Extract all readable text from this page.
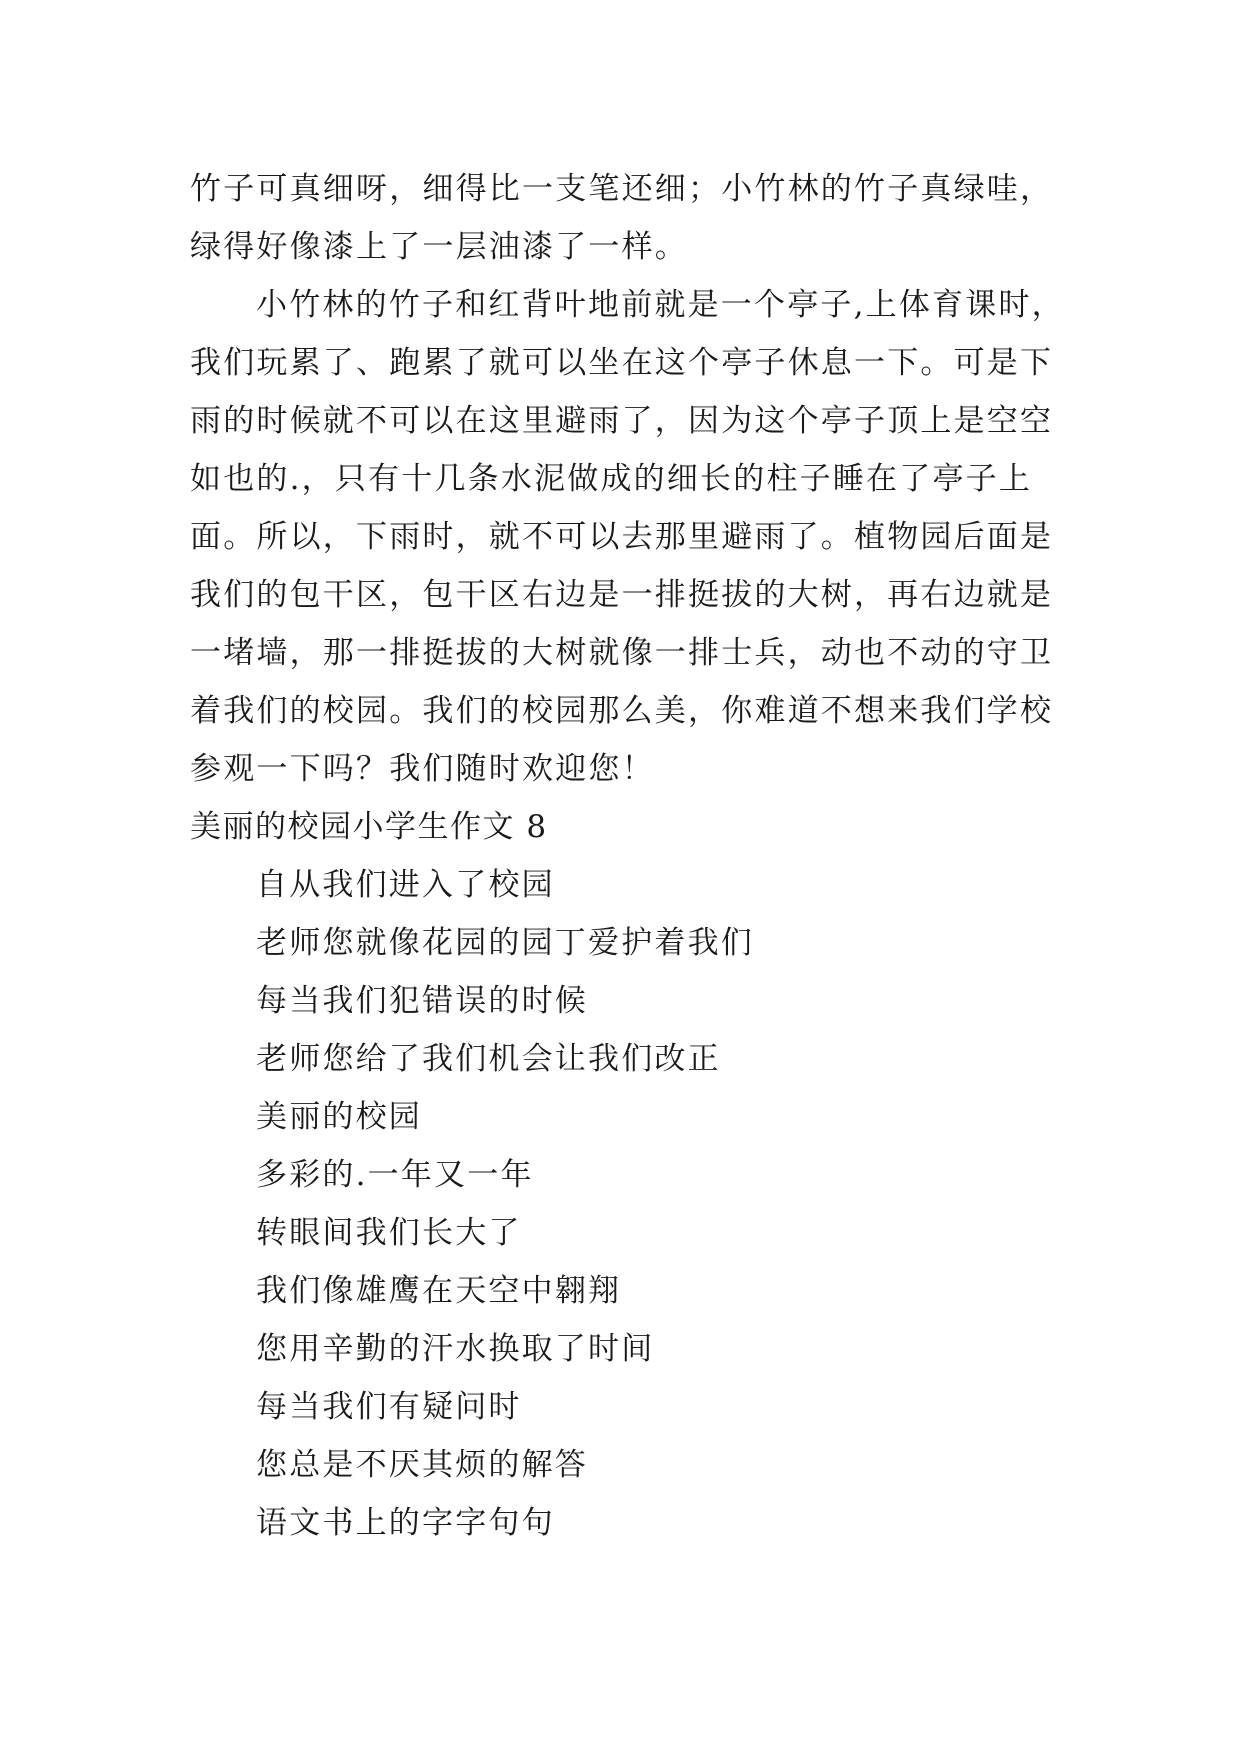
竹子可真细呀，细得比一支笔还细；小竹林的竹子真绿哇，
绿得好像漆上了一层油漆了一样。
小竹林的竹子和红背叶地前就是一个亭子,上体育课时，
我们玩累了、跑累了就可以坐在这个亭子休息一下。可是下
雨的时候就不可以在这里避雨了，因为这个亭子顶上是空空
如也的.，只有十几条水泥做成的细长的柱子睡在了亭子上
面。所以，下雨时，就不可以去那里避雨了。植物园后面是
我们的包干区，包干区右边是一排挺拔的大树，再右边就是
一堵墙，那一排挺拔的大树就像一排士兵，动也不动的守卫
着我们的校园。我们的校园那么美，你难道不想来我们学校
参观一下吗？我们随时欢迎您！
美丽的校园小学生作文 8
自从我们进入了校园
老师您就像花园的园丁爱护着我们
每当我们犯错误的时候
老师您给了我们机会让我们改正
美丽的校园
多彩的.一年又一年
转眼间我们长大了
我们像雄鹰在天空中翱翔
您用辛勤的汗水换取了时间
每当我们有疑问时
您总是不厌其烦的解答
语文书上的字字句句
